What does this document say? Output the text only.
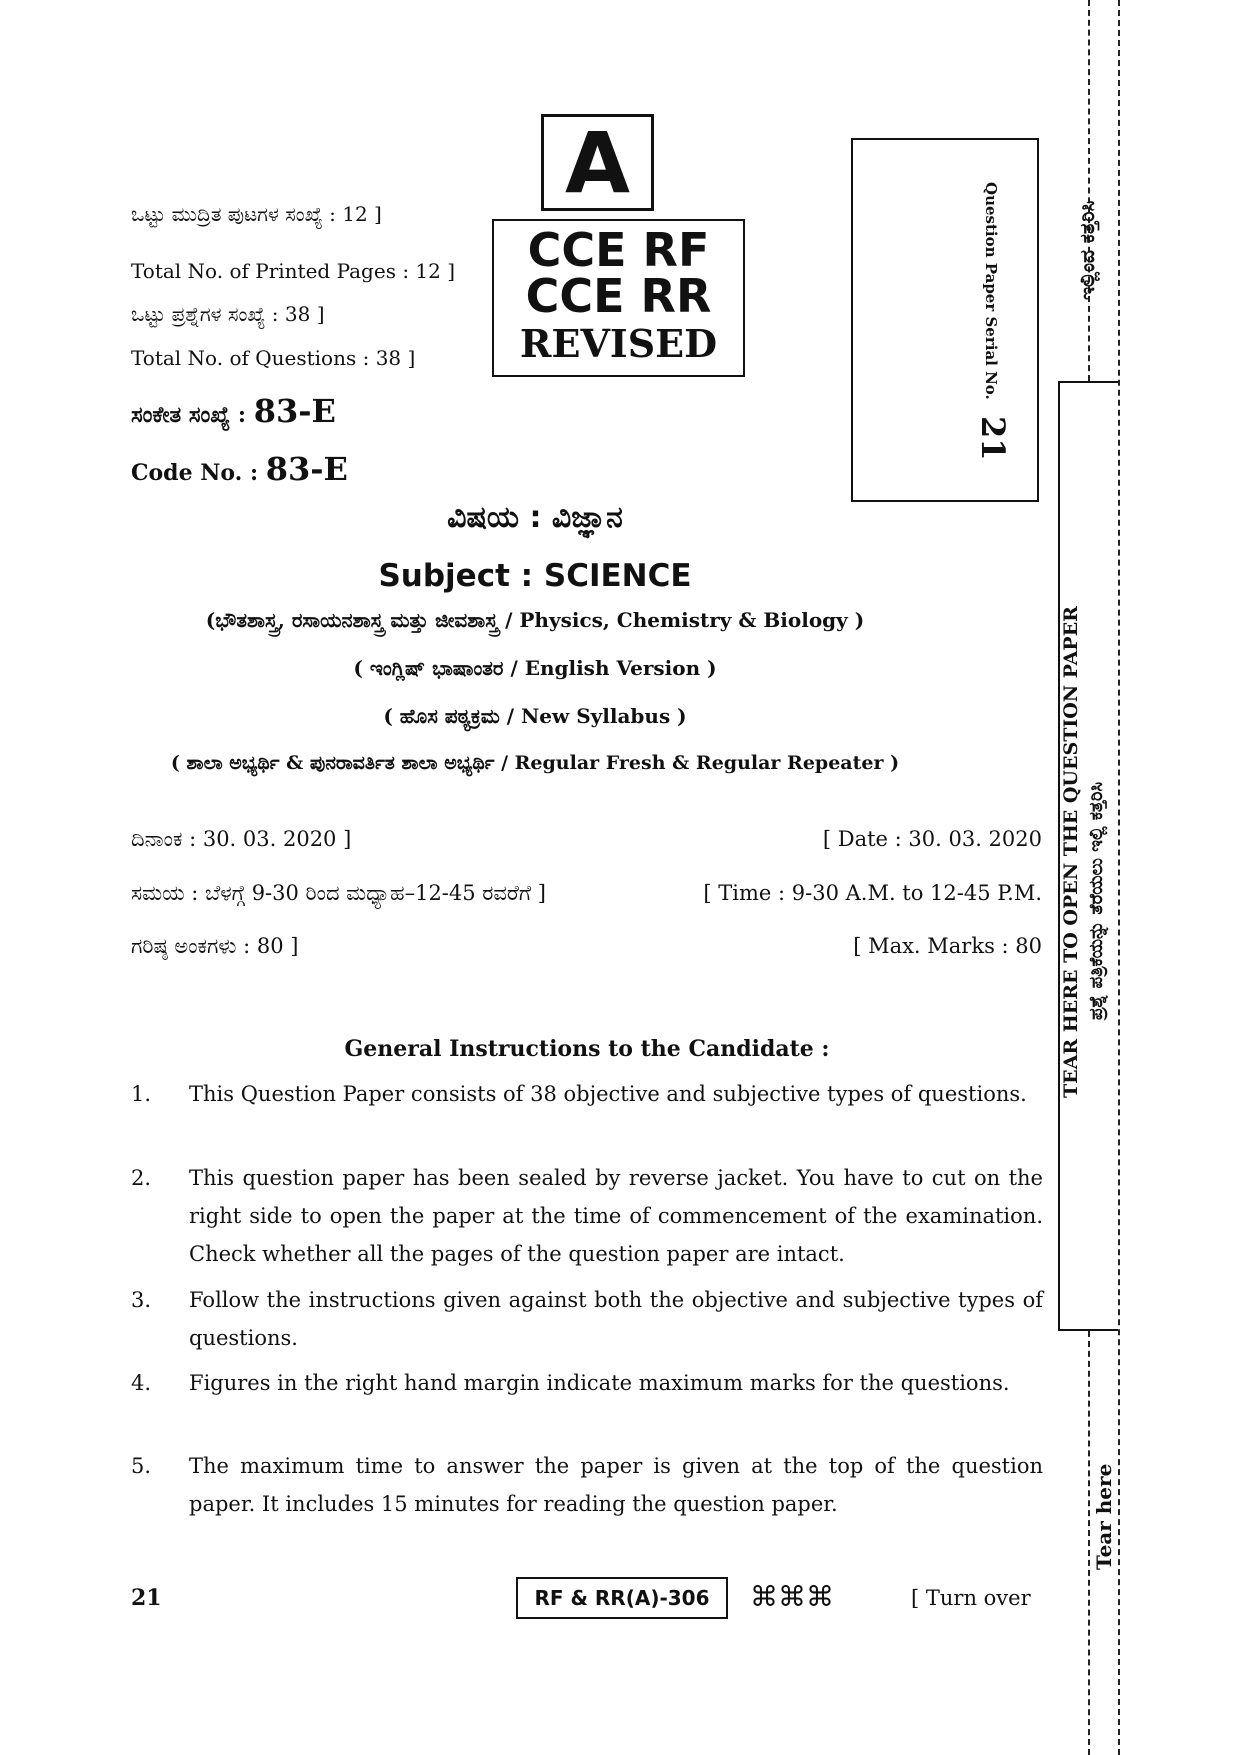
ಒಟ್ಟು ಮುದ್ರಿತ ಪುಟಗಳ ಸಂಖ್ಯೆ : 12 ]
Total No. of Printed Pages : 12 ]
ಒಟ್ಟು ಪ್ರಶ್ನೆಗಳ ಸಂಖ್ಯೆ : 38 ]
Total No. of Questions : 38 ]
ಸಂಕೇತ ಸಂಖ್ಯೆ : 83-E
Code No. : 83-E
A
CCE RF
CCE RR
REVISED	Question Paper Serial No.
21
ವಿಷಯ : ವಿಜ್ಞಾನ
Subject : SCIENCE
(ಭೌತಶಾಸ್ತ್ರ, ರಸಾಯನಶಾಸ್ತ್ರ ಮತ್ತು ಜೀವಶಾಸ್ತ್ರ / Physics, Chemistry & Biology )
( ಇಂಗ್ಲಿಷ್ ಭಾಷಾಂತರ / English Version )
( ಹೊಸ ಪಠ್ಯಕ್ರಮ / New Syllabus )
( ಶಾಲಾ ಅಭ್ಯರ್ಥಿ & ಪುನರಾವರ್ತಿತ ಶಾಲಾ ಅಭ್ಯರ್ಥಿ / Regular Fresh & Regular Repeater )
ದಿನಾಂಕ : 30. 03. 2020 ]	[ Date : 30. 03. 2020
ಸಮಯ : ಬೆಳಗ್ಗೆ 9-30 ರಿಂದ ಮಧ್ಯಾಹ–12-45 ರವರೆಗೆ ]	[ Time : 9-30 A.M. to 12-45 P.M.
ಗರಿಷ್ಠ ಅಂಕಗಳು : 80 ]	[ Max. Marks : 80
General Instructions to the Candidate :
1.	This Question Paper consists of 38 objective and subjective types of questions.
2.	This question paper has been sealed by reverse jacket. You have to cut on the right side to open the paper at the time of commencement of the examination. Check whether all the pages of the question paper are intact.
3.	Follow the instructions given against both the objective and subjective types of questions.
4.	Figures in the right hand margin indicate maximum marks for the questions.
5.	The maximum time to answer the paper is given at the top of the question paper. It includes 15 minutes for reading the question paper.
ಇಲ್ಲಿಂದ ಕತ್ತರಿಸಿ
TEAR HERE TO OPEN THE QUESTION PAPER ಪ್ರಶ್ನೆ ಪತ್ರಿಕೆಯನ್ನು ತೆರೆಯಲು ಇಲ್ಲಿ ಕತ್ತರಿಸಿ
Tear here
21	RF & RR(A)-306 ⌘⌘⌘	[ Turn over
